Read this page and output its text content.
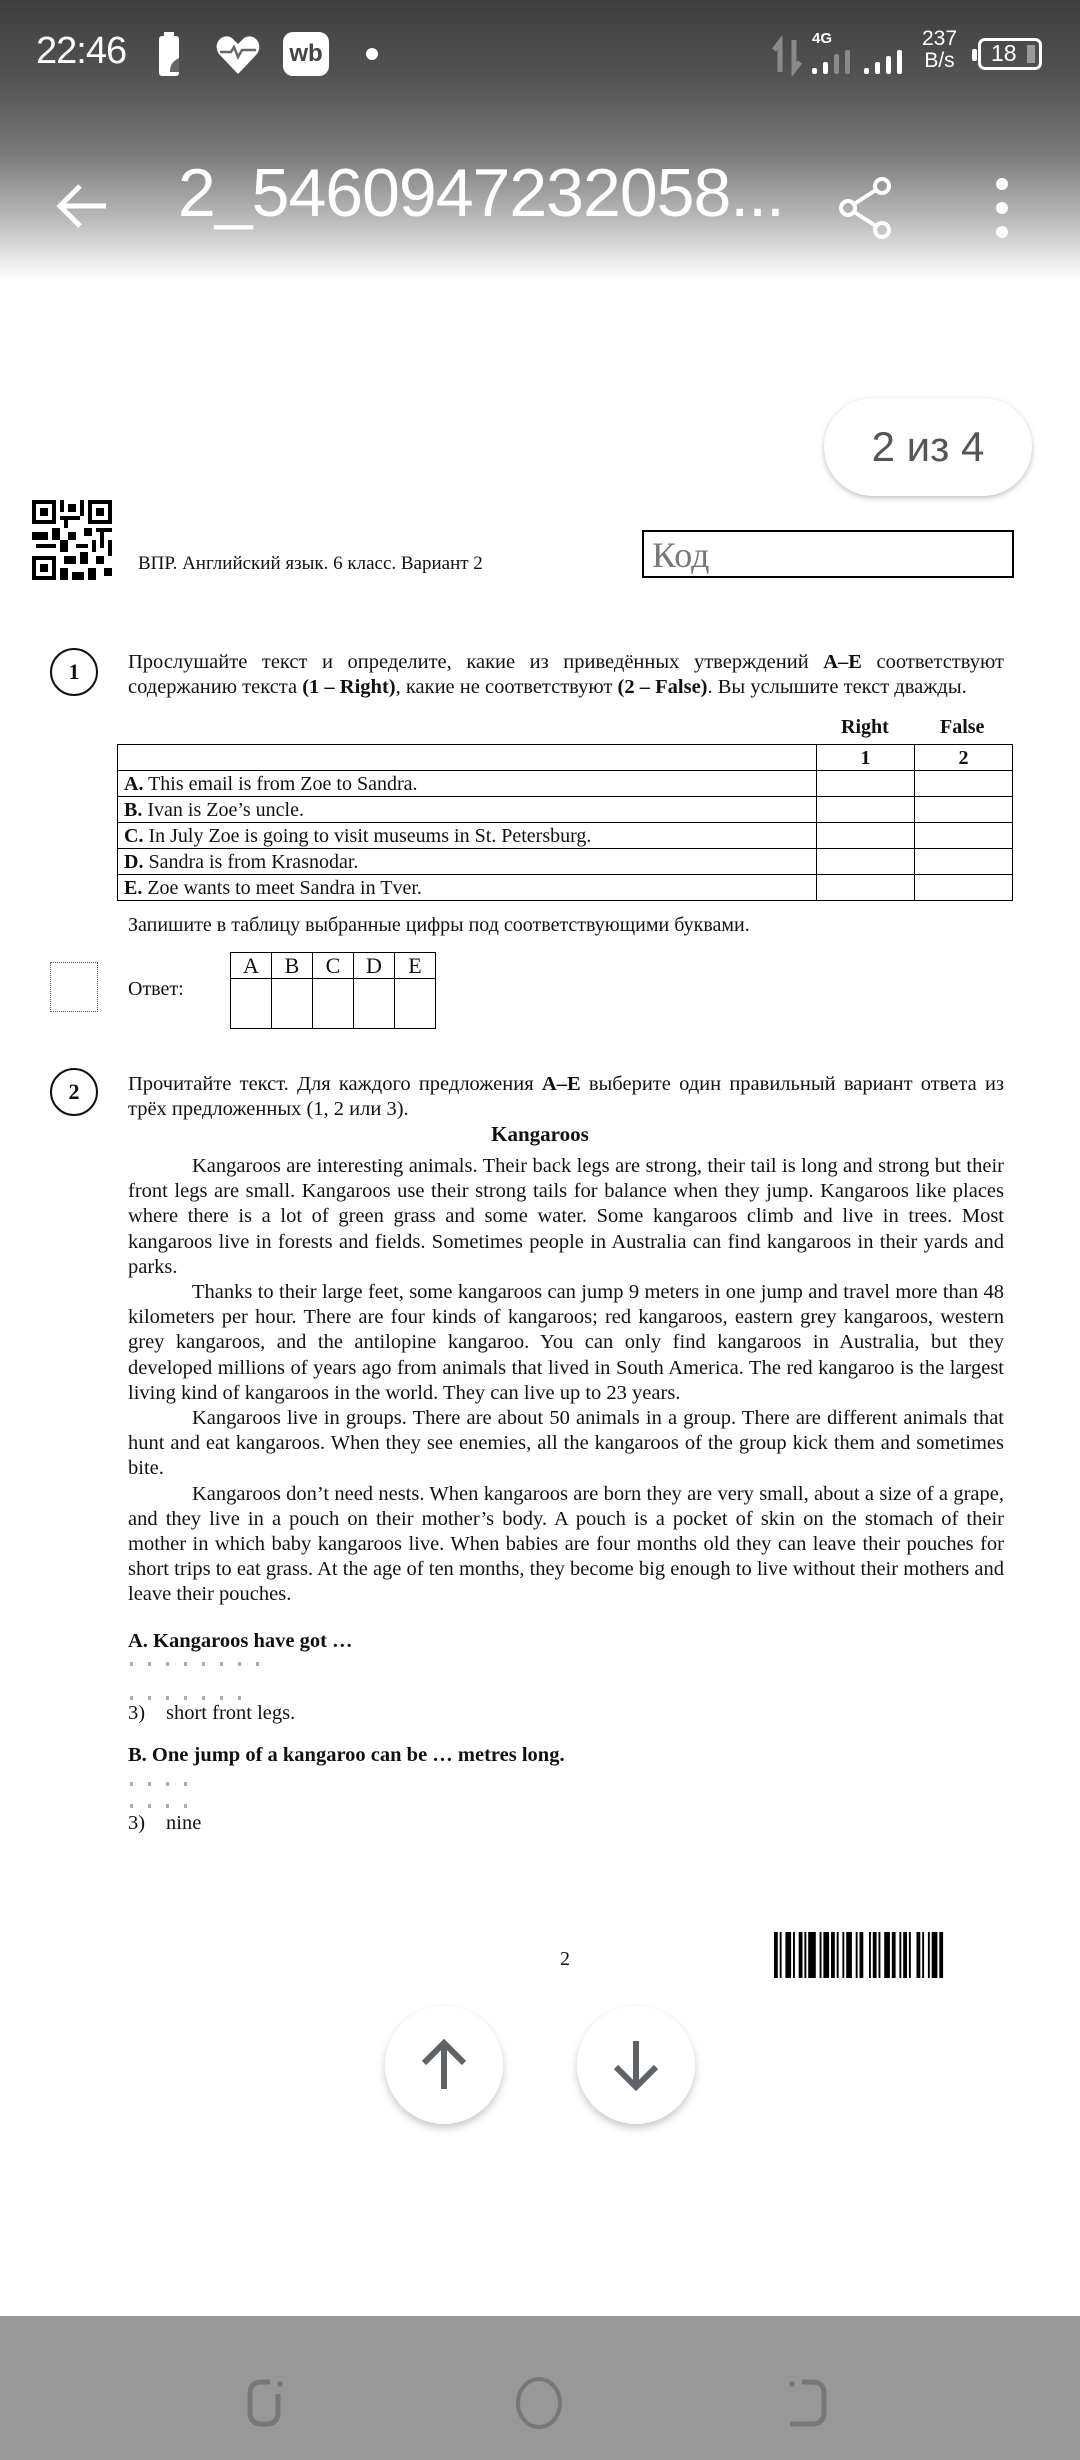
22:46	wb
4G	237
B/s 18
2_5460947232058...
2 из 4
ВПР. Английский язык. 6 класс. Вариант 2	Код
1	Прослушайте текст и определите, какие из приведённых утверждений A–E соответствуют содержанию текста (1 – Right), какие не соответствуют (2 – False). Вы услышите текст дважды.
Right	False
	1	2
A. This email is from Zoe to Sandra.		
B. Ivan is Zoe’s uncle.		
C. In July Zoe is going to visit museums in St. Petersburg.		
D. Sandra is from Krasnodar.		
E. Zoe wants to meet Sandra in Tver.		
Запишите в таблицу выбранные цифры под соответствующими буквами.
Ответ:
A	B	C	D	E

2	Прочитайте текст. Для каждого предложения A–E выберите один правильный вариант ответа из трёх предложенных (1, 2 или 3).
Kangaroos

Kangaroos are interesting animals. Their back legs are strong, their tail is long and strong but their front legs are small. Kangaroos use their strong tails for balance when they jump. Kangaroos like places where there is a lot of green grass and some water. Some kangaroos climb and live in trees. Most kangaroos live in forests and fields. Sometimes people in Australia can find kangaroos in their yards and parks.

Thanks to their large feet, some kangaroos can jump 9 meters in one jump and travel more than 48 kilometers per hour. There are four kinds of kangaroos; red kangaroos, eastern grey kangaroos, western grey kangaroos, and the antilopine kangaroo. You can only find kangaroos in Australia, but they developed millions of years ago from animals that lived in South America. The red kangaroo is the largest living kind of kangaroos in the world. They can live up to 23 years.

Kangaroos live in groups. There are about 50 animals in a group. There are different animals that hunt and eat kangaroos. When they see enemies, all the kangaroos of the group kick them and sometimes bite.

Kangaroos don’t need nests. When kangaroos are born they are very small, about a size of a grape, and they live in a pouch on their mother’s body. A pouch is a pocket of skin on the stomach of their mother in which baby kangaroos live. When babies are four months old they can leave their pouches for short trips to eat grass. At the age of ten months, they become big enough to live without their mothers and leave their pouches.

A. Kangaroos have got …
3) short front legs.
B. One jump of a kangaroo can be … metres long.
3) nine
2
